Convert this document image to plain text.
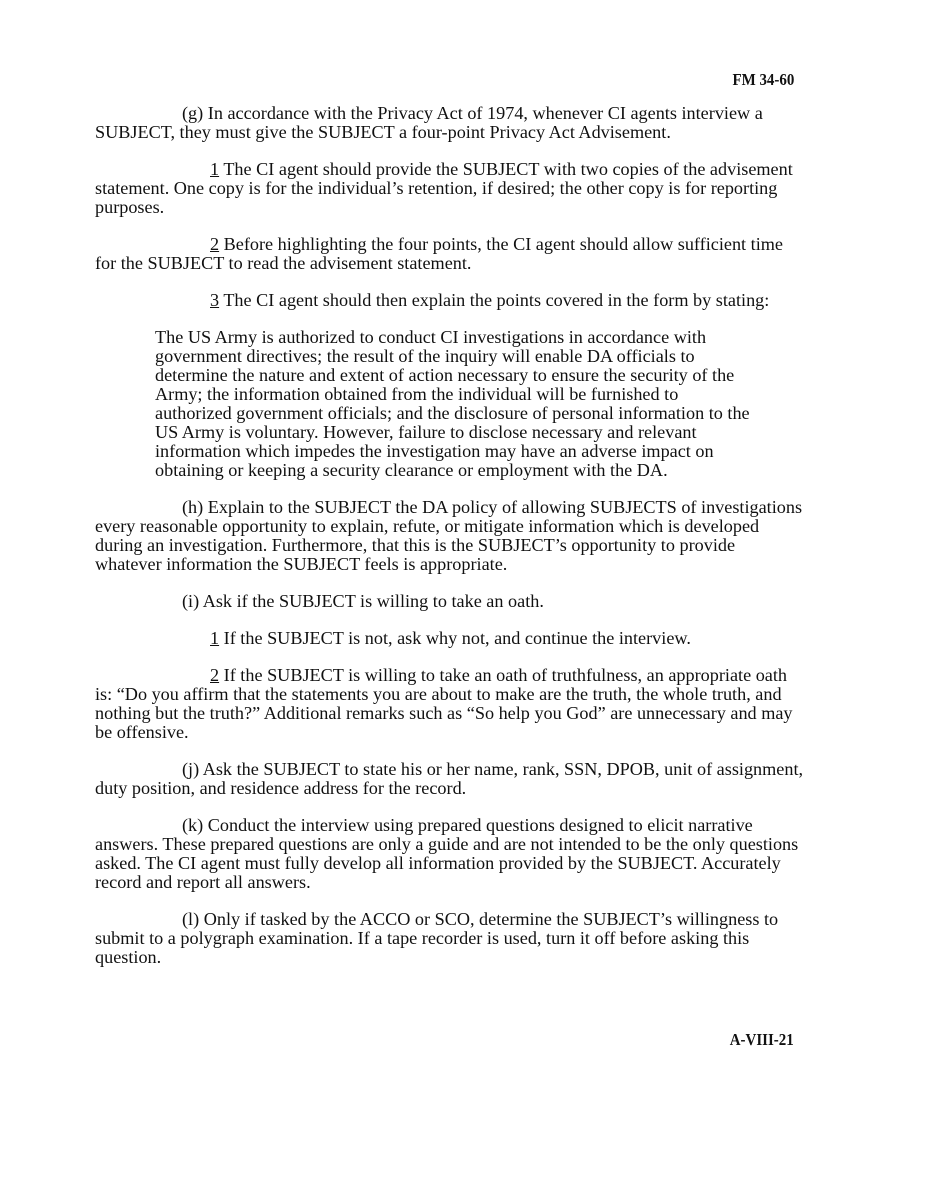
FM 34-60

(g) In accordance with the Privacy Act of 1974, whenever CI agents interview a SUBJECT, they must give the SUBJECT a four-point Privacy Act Advisement.

1 The CI agent should provide the SUBJECT with two copies of the advisement statement. One copy is for the individual’s retention, if desired; the other copy is for reporting purposes.

2 Before highlighting the four points, the CI agent should allow sufficient time for the SUBJECT to read the advisement statement.

3 The CI agent should then explain the points covered in the form by stating:

The US Army is authorized to conduct CI investigations in accordance with government directives; the result of the inquiry will enable DA officials to determine the nature and extent of action necessary to ensure the security of the Army; the information obtained from the individual will be furnished to authorized government officials; and the disclosure of personal information to the US Army is voluntary. However, failure to disclose necessary and relevant information which impedes the investigation may have an adverse impact on obtaining or keeping a security clearance or employment with the DA.

(h) Explain to the SUBJECT the DA policy of allowing SUBJECTS of investigations every reasonable opportunity to explain, refute, or mitigate information which is developed during an investigation. Furthermore, that this is the SUBJECT’s opportunity to provide whatever information the SUBJECT feels is appropriate.

(i) Ask if the SUBJECT is willing to take an oath.

1 If the SUBJECT is not, ask why not, and continue the interview.

2 If the SUBJECT is willing to take an oath of truthfulness, an appropriate oath is: “Do you affirm that the statements you are about to make are the truth, the whole truth, and nothing but the truth?” Additional remarks such as “So help you God” are unnecessary and may be offensive.

(j) Ask the SUBJECT to state his or her name, rank, SSN, DPOB, unit of assignment, duty position, and residence address for the record.

(k) Conduct the interview using prepared questions designed to elicit narrative answers. These prepared questions are only a guide and are not intended to be the only questions asked. The CI agent must fully develop all information provided by the SUBJECT. Accurately record and report all answers.

(l) Only if tasked by the ACCO or SCO, determine the SUBJECT’s willingness to submit to a polygraph examination. If a tape recorder is used, turn it off before asking this question.

A-VIII-21
